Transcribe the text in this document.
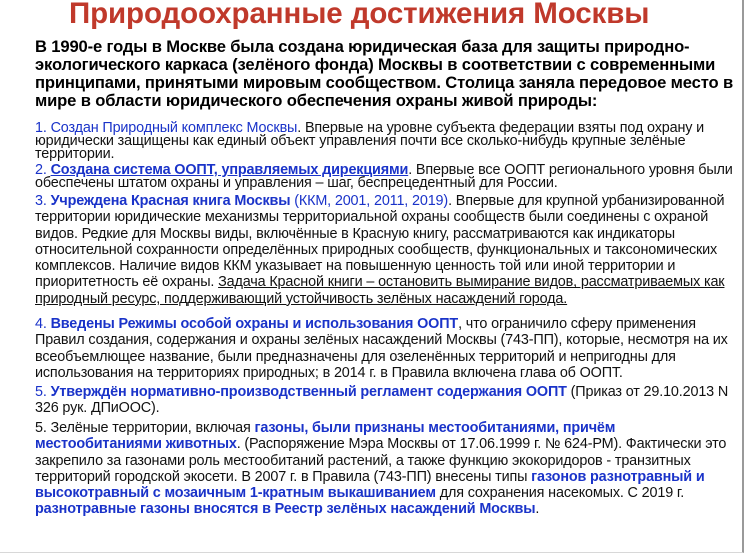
Природоохранные достижения Москвы

В 1990-е годы в Москве была создана юридическая база для защиты природно-экологического каркаса (зелёного фонда) Москвы в соответствии с современными принципами, принятыми мировым сообществом. Столица заняла передовое место в мире в области юридического обеспечения охраны живой природы:

1. Создан Природный комплекс Москвы. Впервые на уровне субъекта федерации взяты под охрану и юридически защищены как единый объект управления почти все сколько-нибудь крупные зелёные территории.

2. Создана система ООПТ, управляемых дирекциями. Впервые все ООПТ регионального уровня были обеспечены штатом охраны и управления – шаг, беспрецедентный для России.

3. Учреждена Красная книга Москвы (ККМ, 2001, 2011, 2019). Впервые для крупной урбанизированной территории юридические механизмы территориальной охраны сообществ были соединены с охраной видов. Редкие для Москвы виды, включённые в Красную книгу, рассматриваются как индикаторы относительной сохранности определённых природных сообществ, функциональных и таксономических комплексов. Наличие видов ККМ указывает на повышенную ценность той или иной территории и приоритетность её охраны. Задача Красной книги – остановить вымирание видов, рассматриваемых как природный ресурс, поддерживающий устойчивость зелёных насаждений города.

4. Введены Режимы особой охраны и использования ООПТ, что ограничило сферу применения Правил создания, содержания и охраны зелёных насаждений Москвы (743-ПП), которые, несмотря на их всеобъемлющее название, были предназначены для озеленённых территорий и непригодны для использования на территориях природных; в 2014 г. в Правила включена глава об ООПТ.

5. Утверждён нормативно-производственный регламент содержания ООПТ (Приказ от 29.10.2013 N 326 рук. ДПиООС).

5. Зелёные территории, включая газоны, были признаны местообитаниями, причём местообитаниями животных. (Распоряжение Мэра Москвы от 17.06.1999 г. № 624-РМ). Фактически это закрепило за газонами роль местообитаний растений, а также функцию экокоридоров - транзитных территорий городской экосети. В 2007 г. в Правила (743-ПП) внесены типы газонов разнотравный и высокотравный с мозаичным 1-кратным выкашиванием для сохранения насекомых. С 2019 г. разнотравные газоны вносятся в Реестр зелёных насаждений Москвы.
